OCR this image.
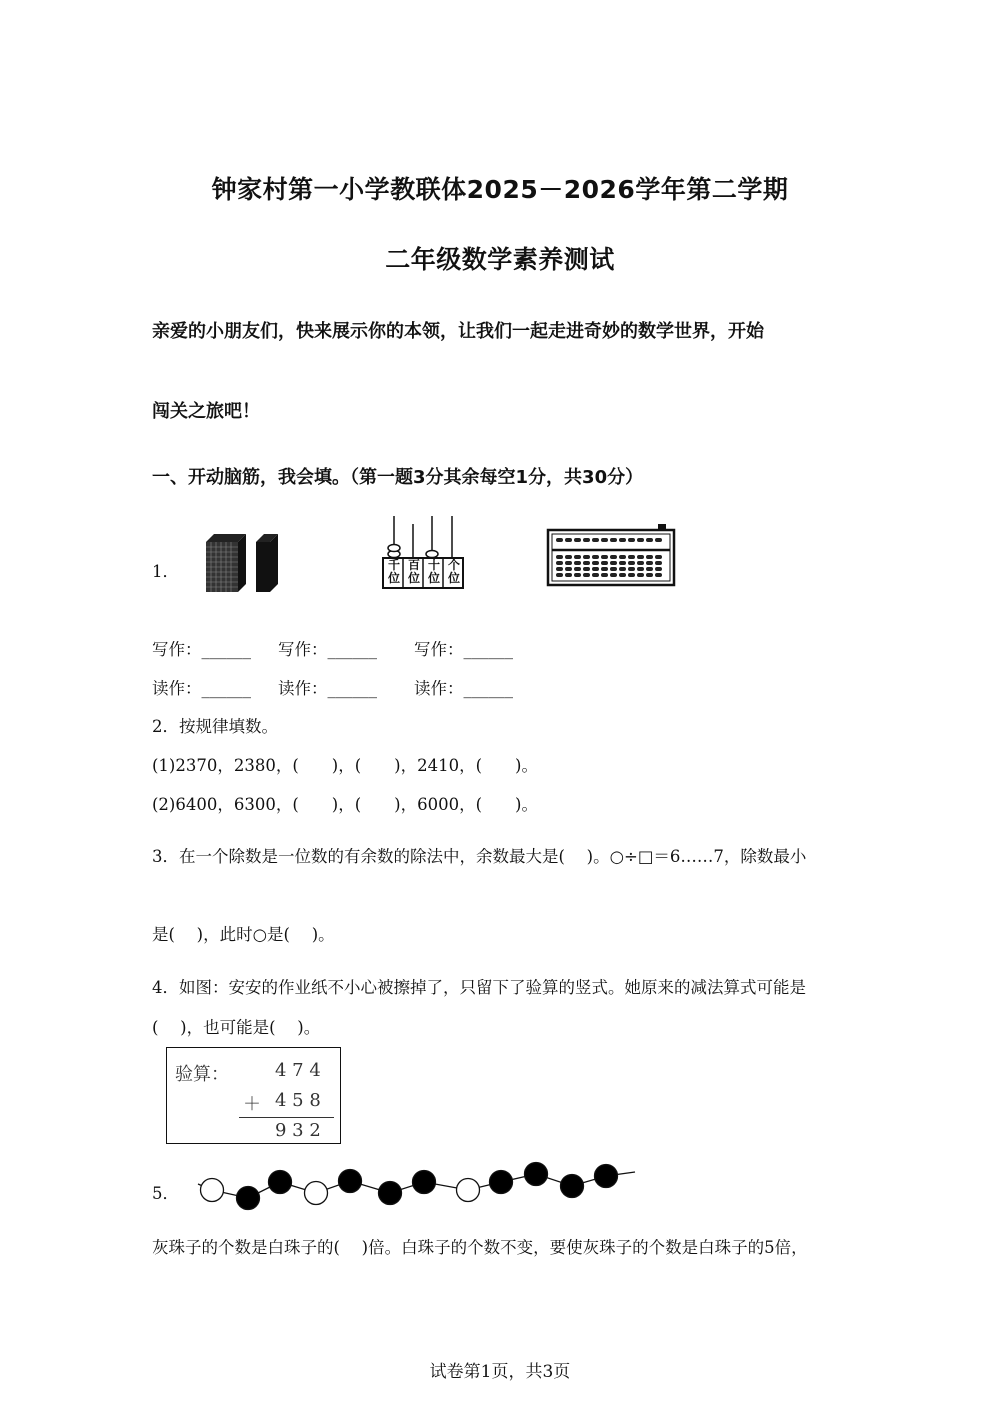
钟家村第一小学教联体2025－2026学年第二学期
二年级数学素养测试
亲爱的小朋友们，快来展示你的本领，让我们一起走进奇妙的数学世界，开始
闯关之旅吧！
一、开动脑筋，我会填。（第一题3分其余每空1分，共30分）
1．	千
位
百
位
十
位
个
位
写作：______ 写作：______ 写作：______
读作：______ 读作：______ 读作：______
2．按规律填数。
(1)2370，2380，(　　)，(　　)，2410，(　　)。
(2)6400，6300，(　　)，(　　)，6000，(　　)。
3．在一个除数是一位数的有余数的除法中，余数最大是(　 )。○÷□＝6……7，除数最小
是(　 )，此时○是(　 )。
4．如图：安安的作业纸不小心被擦掉了，只留下了验算的竖式。她原来的减法算式可能是
(　 )，也可能是(　 )。
验算：	4 7 4
＋ 4 5 8
9 3 2
5．
灰珠子的个数是白珠子的(　 )倍。白珠子的个数不变，要使灰珠子的个数是白珠子的5倍，
试卷第1页，共3页
